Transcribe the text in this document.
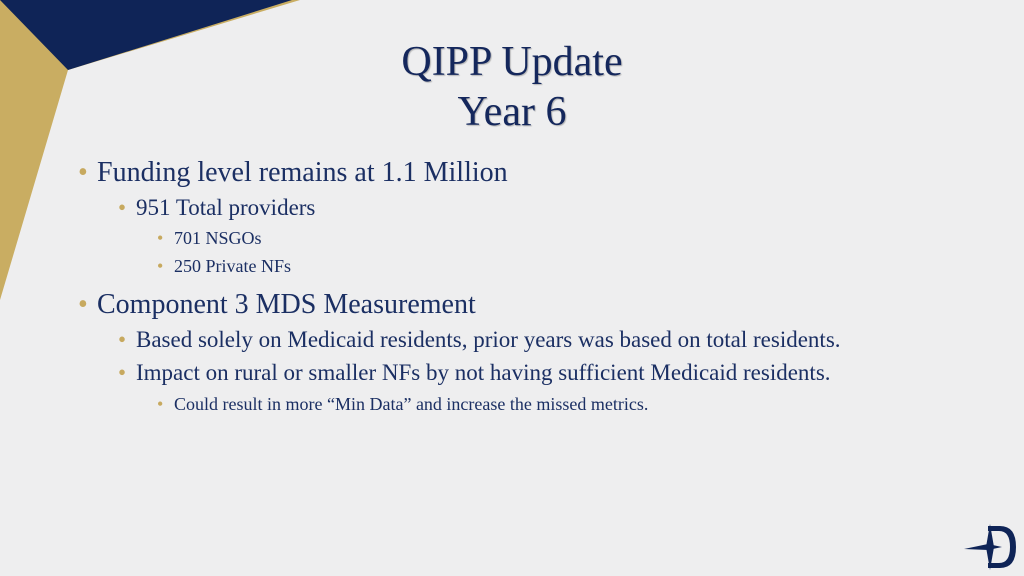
QIPP Update
Year 6
• Funding level remains at 1.1 Million
• 951 Total providers
• 701 NSGOs
• 250 Private NFs
• Component 3 MDS Measurement
• Based solely on Medicaid residents, prior years was based on total residents.
• Impact on rural or smaller NFs by not having sufficient Medicaid residents.
• Could result in more “Min Data” and increase the missed metrics.
